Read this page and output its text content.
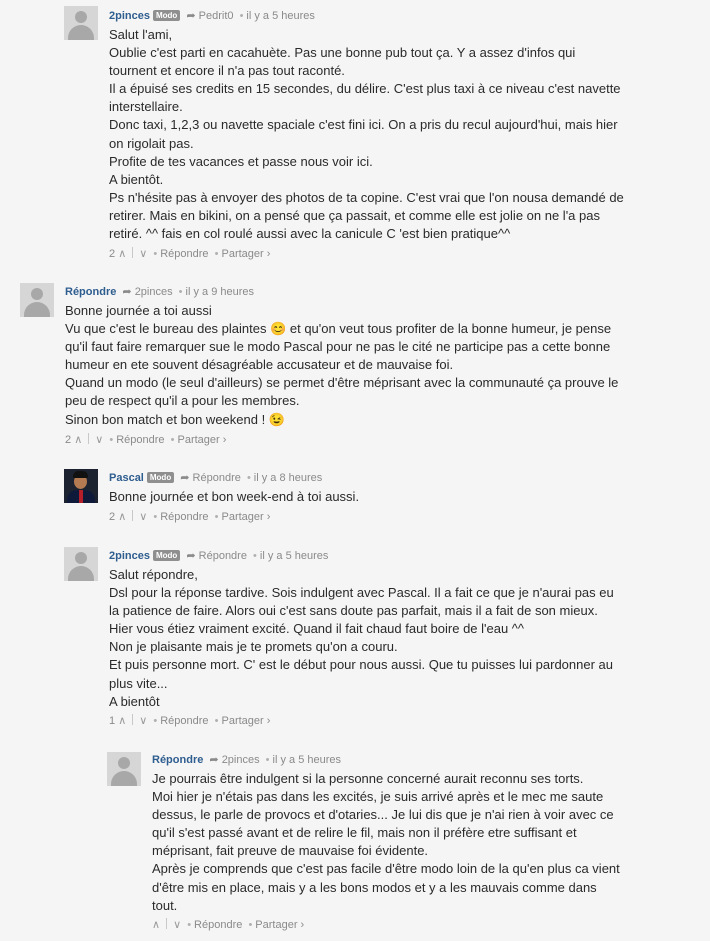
2pinces Modo ➦ Pedrit0 • il y a 5 heures

Salut l'ami,

Oublie c'est parti en cacahuète. Pas une bonne pub tout ça. Y a assez d'infos qui

tournent et encore il n'a pas tout raconté.

Il a épuisé ses credits en 15 secondes, du délire. C'est plus taxi à ce niveau c'est navette

interstellaire.

Donc taxi, 1,2,3 ou navette spaciale c'est fini ici. On a pris du recul aujourd'hui, mais hier

on rigolait pas.

Profite de tes vacances et passe nous voir ici.

A bientôt.

Ps n'hésite pas à envoyer des photos de ta copine. C'est vrai que l'on nousa demandé de

retirer. Mais en bikini, on a pensé que ça passait, et comme elle est jolie on ne l'a pas

retiré. ^^ fais en col roulé aussi avec la canicule C 'est bien pratique^^

2 ∧ ∨ • Répondre • Partager ›
Répondre ➦ 2pinces • il y a 9 heures

Bonne journée a toi aussi

Vu que c'est le bureau des plaintes 😊 et qu'on veut tous profiter de la bonne humeur, je pense

qu'il faut faire remarquer sue le modo Pascal pour ne pas le cité ne participe pas a cette bonne

humeur en ete souvent désagréable accusateur et de mauvaise foi.

Quand un modo (le seul d'ailleurs) se permet d'être méprisant avec la communauté ça prouve le

peu de respect qu'il a pour les membres.

Sinon bon match et bon weekend ! 😉

2 ∧ ∨ • Répondre • Partager ›
Pascal Modo ➦ Répondre • il y a 8 heures

Bonne journée et bon week-end à toi aussi.

2 ∧ ∨ • Répondre • Partager ›
2pinces Modo ➦ Répondre • il y a 5 heures

Salut répondre,

Dsl pour la réponse tardive. Sois indulgent avec Pascal. Il a fait ce que je n'aurai pas eu

la patience de faire. Alors oui c'est sans doute pas parfait, mais il a fait de son mieux.

Hier vous étiez vraiment excité. Quand il fait chaud faut boire de l'eau ^^

Non je plaisante mais je te promets qu'on a couru.

Et puis personne mort. C' est le début pour nous aussi. Que tu puisses lui pardonner au

plus vite...

A bientôt

1 ∧ ∨ • Répondre • Partager ›
Répondre ➦ 2pinces • il y a 5 heures

Je pourrais être indulgent si la personne concerné aurait reconnu ses torts.

Moi hier je n'étais pas dans les excités, je suis arrivé après et le mec me saute

dessus, le parle de provocs et d'otaries... Je lui dis que je n'ai rien à voir avec ce

qu'il s'est passé avant et de relire le fil, mais non il préfère etre suffisant et

méprisant, fait preuve de mauvaise foi évidente.

Après je comprends que c'est pas facile d'être modo loin de la qu'en plus ca vient

d'être mis en place, mais y a les bons modos et y a les mauvais comme dans

tout.

∧ ∨ • Répondre • Partager ›
